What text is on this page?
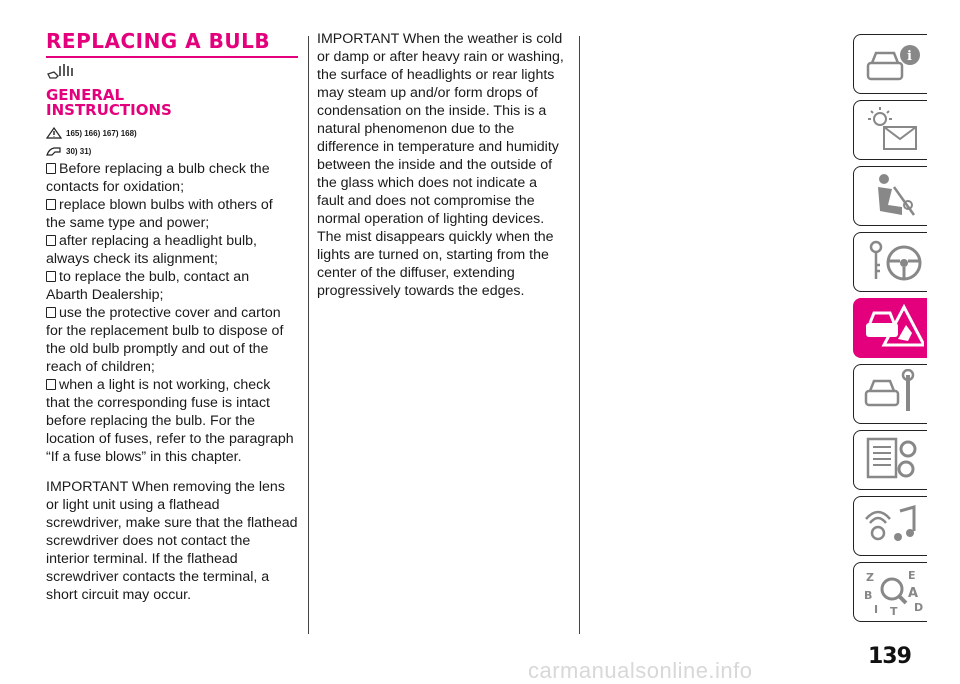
REPLACING A BULB
GENERAL
INSTRUCTIONS
165) 166) 167) 168)
30) 31)

Before replacing a bulb check the

contacts for oxidation;

replace blown bulbs with others of

the same type and power;

after replacing a headlight bulb,

always check its alignment;

to replace the bulb, contact an

Abarth Dealership;

use the protective cover and carton

for the replacement bulb to dispose of

the old bulb promptly and out of the

reach of children;

when a light is not working, check

that the corresponding fuse is intact

before replacing the bulb. For the

location of fuses, refer to the paragraph

“If a fuse blows” in this chapter.

IMPORTANT When removing the lens

or light unit using a flathead

screwdriver, make sure that the flathead

screwdriver does not contact the

interior terminal. If the flathead

screwdriver contacts the terminal, a

short circuit may occur.

IMPORTANT When the weather is cold

or damp or after heavy rain or washing,

the surface of headlights or rear lights

may steam up and/or form drops of

condensation on the inside. This is a

natural phenomenon due to the

difference in temperature and humidity

between the inside and the outside of

the glass which does not indicate a

fault and does not compromise the

normal operation of lighting devices.

The mist disappears quickly when the

lights are turned on, starting from the

center of the diffuser, extending

progressively towards the edges.

i
Z	E
B	A
D
I T
139
carmanualsonline.info
